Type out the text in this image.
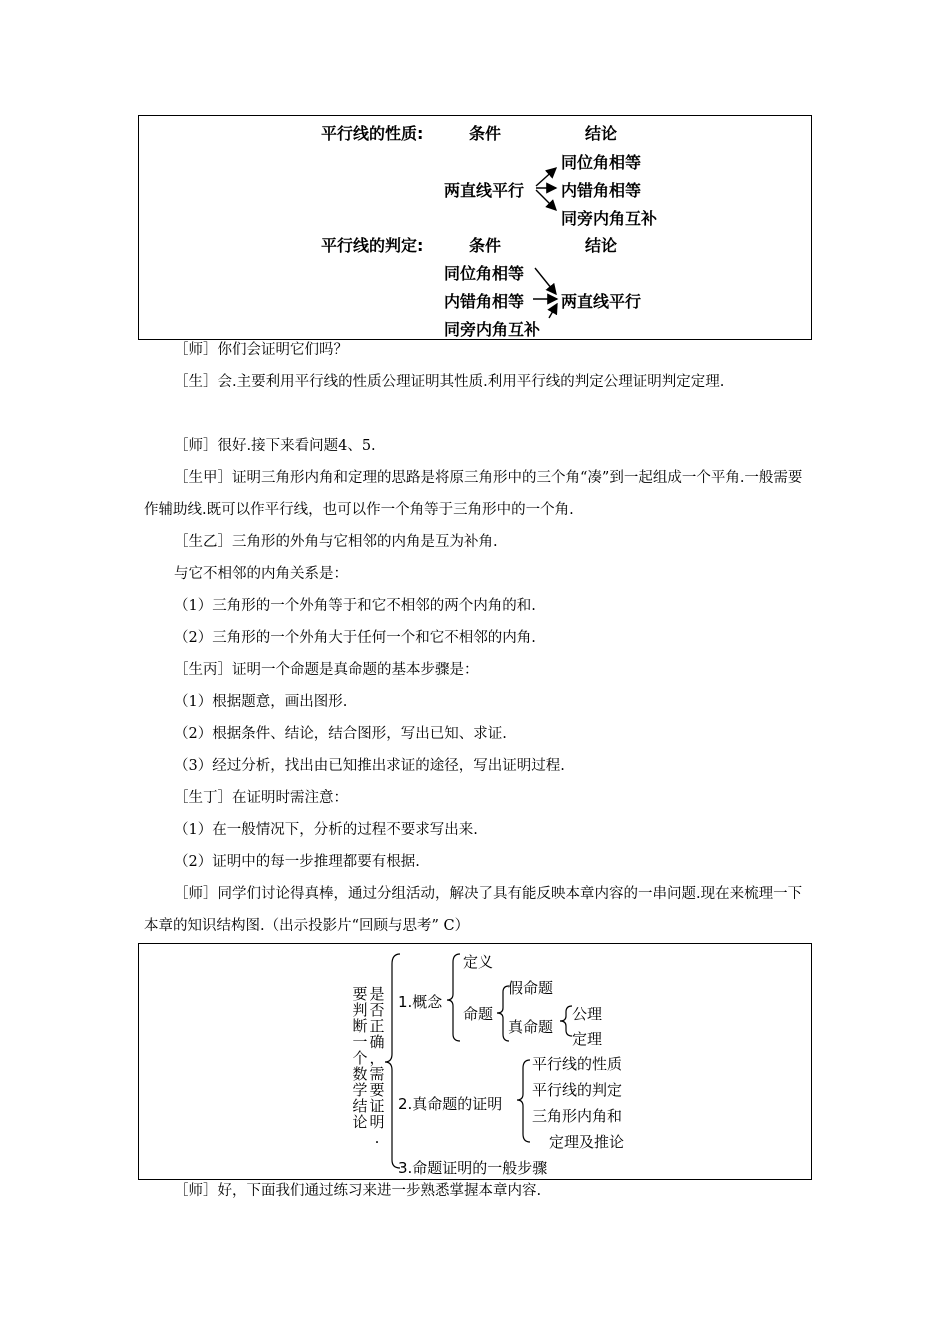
平行线的性质:	条件	结论
两直线平行
同位角相等
内错角相等
同旁内角互补
平行线的判定:	条件	结论
同位角相等
内错角相等
同旁内角互补
两直线平行

［师］你们会证明它们吗？

［生］会.主要利用平行线的性质公理证明其性质.利用平行线的判定公理证明判定定理.

［师］很好.接下来看问题4、5.

［生甲］证明三角形内角和定理的思路是将原三角形中的三个角“凑”到一起组成一个平角.一般需要作辅助线.既可以作平行线，也可以作一个角等于三角形中的一个角.

［生乙］三角形的外角与它相邻的内角是互为补角.

与它不相邻的内角关系是：

（1）三角形的一个外角等于和它不相邻的两个内角的和.

（2）三角形的一个外角大于任何一个和它不相邻的内角.

［生丙］证明一个命题是真命题的基本步骤是：

（1）根据题意，画出图形.

（2）根据条件、结论，结合图形，写出已知、求证.

（3）经过分析，找出由已知推出求证的途径，写出证明过程.

［生丁］在证明时需注意：

（1）在一般情况下，分析的过程不要求写出来.

（2）证明中的每一步推理都要有根据.

［师］同学们讨论得真棒，通过分组活动，解决了具有能反映本章内容的一串问题.现在来梳理一下本章的知识结构图.（出示投影片“回顾与思考” C）

要
判
断
一
个
数
学
结
论
是
否
正
确
，
需
要
证
明
.
1.概念
定义
命题
假命题
真命题
公理
定理
2.真命题的证明
平行线的性质
平行线的判定
三角形内角和
定理及推论
3.命题证明的一般步骤

［师］好，下面我们通过练习来进一步熟悉掌握本章内容.
